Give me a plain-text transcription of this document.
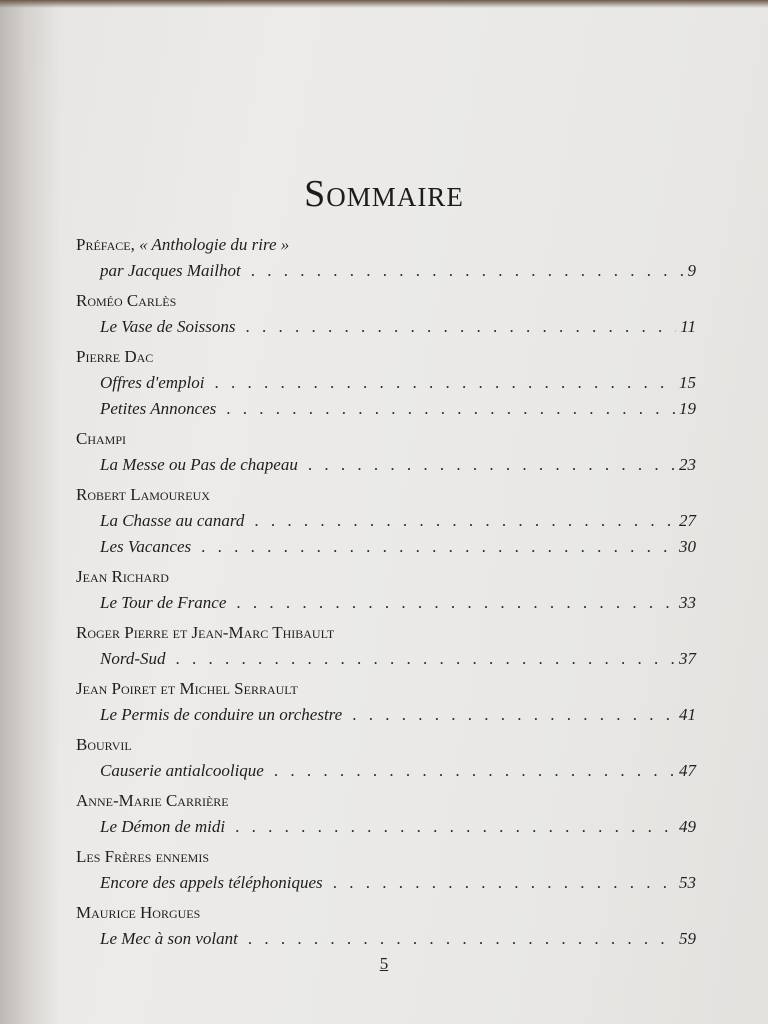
Sommaire
Préface, « Anthologie du rire »
par Jacques Mailhot . . .	9
Roméo Carlès
Le Vase de Soissons . . .	11
Pierre Dac
Offres d'emploi . . .	15
Petites Annonces . . .	19
Champi
La Messe ou Pas de chapeau . . .	23
Robert Lamoureux
La Chasse au canard . . .	27
Les Vacances . . .	30
Jean Richard
Le Tour de France . . .	33
Roger Pierre et Jean-Marc Thibault
Nord-Sud . . .	37
Jean Poiret et Michel Serrault
Le Permis de conduire un orchestre . . .	41
Bourvil
Causerie antialcoolique . . .	47
Anne-Marie Carrière
Le Démon de midi . . .	49
Les Frères ennemis
Encore des appels téléphoniques . . .	53
Maurice Horgues
Le Mec à son volant . . .	59
5
